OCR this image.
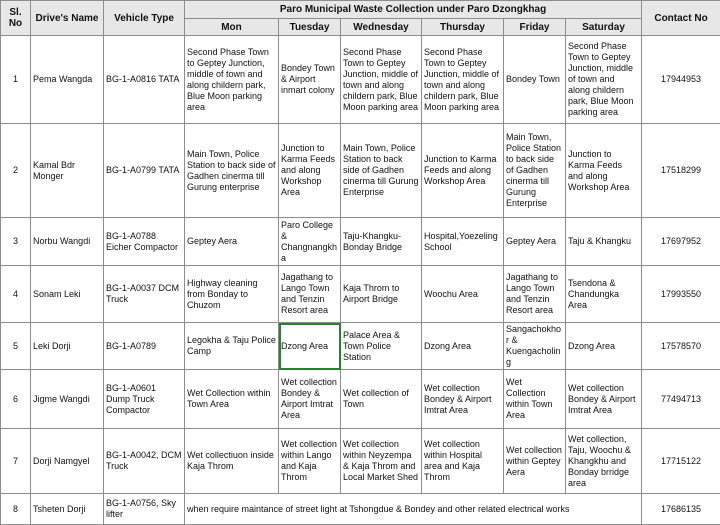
Sl. No	Drive's Name	Vehicle Type	Paro Municipal Waste Collection under Paro Dzongkhag						Contact No
			Mon	Tuesday	Wednesday	Thursday	Friday	Saturday	
1	Pema Wangda	BG-1-A0816 TATA	Second Phase Town to Geptey Junction, middle of town and along childern park, Blue Moon parking area	Bondey Town & Airport inmart colony	Second Phase Town to Geptey Junction, middle of town and along childern park, Blue Moon parking area	Second Phase Town to Geptey Junction, middle of town and along childern park, Blue Moon parking area	Bondey Town	Second Phase Town to Geptey Junction, middle of town and along childern park, Blue Moon parking area	17944953
2	Kamal Bdr Monger	BG-1-A0799 TATA	Main Town, Police Station to back side of Gadhen cinerma till Gurung enterprise	Junction to Karma Feeds and along Workshop Area	Main Town, Police Station to back side of Gadhen cinerma till Gurung Enterprise	Junction to Karma Feeds and along Workshop Area	Main Town, Police Station to back side of Gadhen cinerma till Gurung Enterprise	Junction to Karma Feeds and along Workshop Area	17518299
3	Norbu Wangdi	BG-1-A0788 Eicher Compactor	Geptey Aera	Paro College & Changnangkha	Taju-Khangku-Bonday Bridge	Hospital,Yoezeling School	Geptey Aera	Taju & Khangku	17697952
4	Sonam Leki	BG-1-A0037 DCM Truck	Highway cleaning from Bonday to Chuzom	Jagathang to Lango Town and Tenzin Resort area	Kaja Throm to Airport Bridge	Woochu Area	Jagathang to Lango Town and Tenzin Resort area	Tsendona & Chandungka Area	17993550
5	Leki Dorji	BG-1-A0789	Legokha & Taju Police Camp	Dzong Area	Palace Area & Town Police Station	Dzong Area	Sangachokhor & Kuengacholing	Dzong Area	17578570
6	Jigme Wangdi	BG-1-A0601 Dump Truck Compactor	Wet Collection within Town Area	Wet collection Bondey & Airport Imtrat Area	Wet collection of Town	Wet collection Bondey & Airport Imtrat Area	Wet Collection within Town Area	Wet collection Bondey & Airport Imtrat Area	77494713
7	Dorji Namgyel	BG-1-A0042, DCM Truck	Wet collectiuon inside Kaja Throm	Wet collection within Lango and Kaja Throm	Wet collection within Neyzempa & Kaja Throm and Local Market Shed	Wet collection within Hospital area and Kaja Throm	Wet collection within Geptey Aera	Wet collection, Taju, Woochu & Khangkhu and Bonday brridge area	17715122
8	Tsheten Dorji	BG-1-A0756, Sky lifter	when require maintance of street light at Tshongdue & Bondey and other related electrical works						17686135
